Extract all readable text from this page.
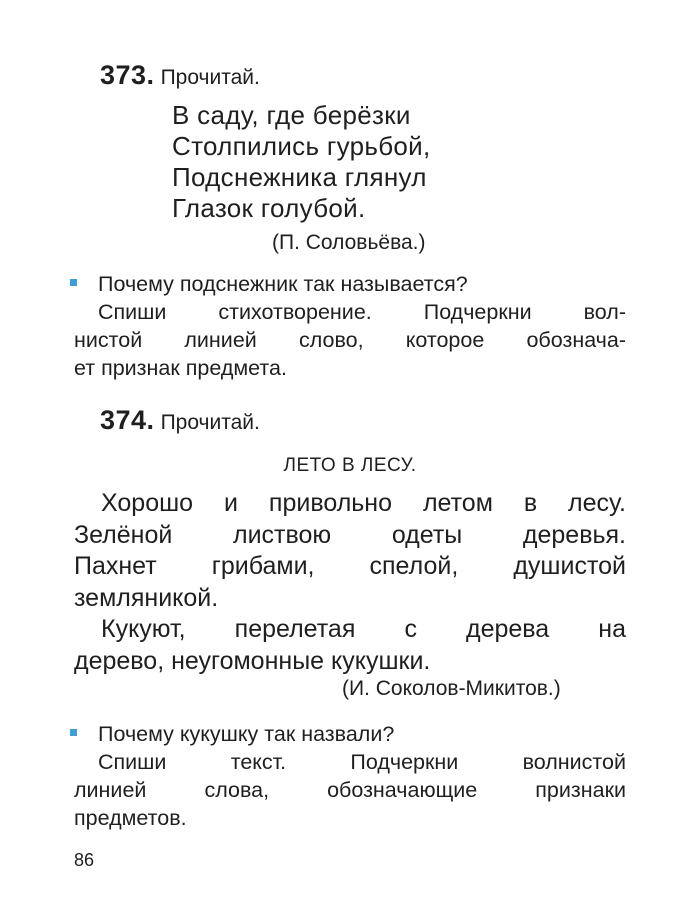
373. Прочитай.
В саду, где берёзки
Столпились гурьбой,
Подснежника глянул
Глазок голубой.
(П. Соловьёва.)
Почему подснежник так называется?
Спиши стихотворение. Подчеркни вол-
нистой линией слово, которое обознача-
ет признак предмета.
374. Прочитай.
ЛЕТО В ЛЕСУ.
Хорошо и привольно летом в лесу.
Зелёной листвою одеты деревья.
Пахнет грибами, спелой, душистой
земляникой.
Кукуют, перелетая с дерева на
дерево, неугомонные кукушки.
(И. Соколов-Микитов.)
Почему кукушку так назвали?
Спиши текст. Подчеркни волнистой
линией слова, обозначающие признаки
предметов.
86
